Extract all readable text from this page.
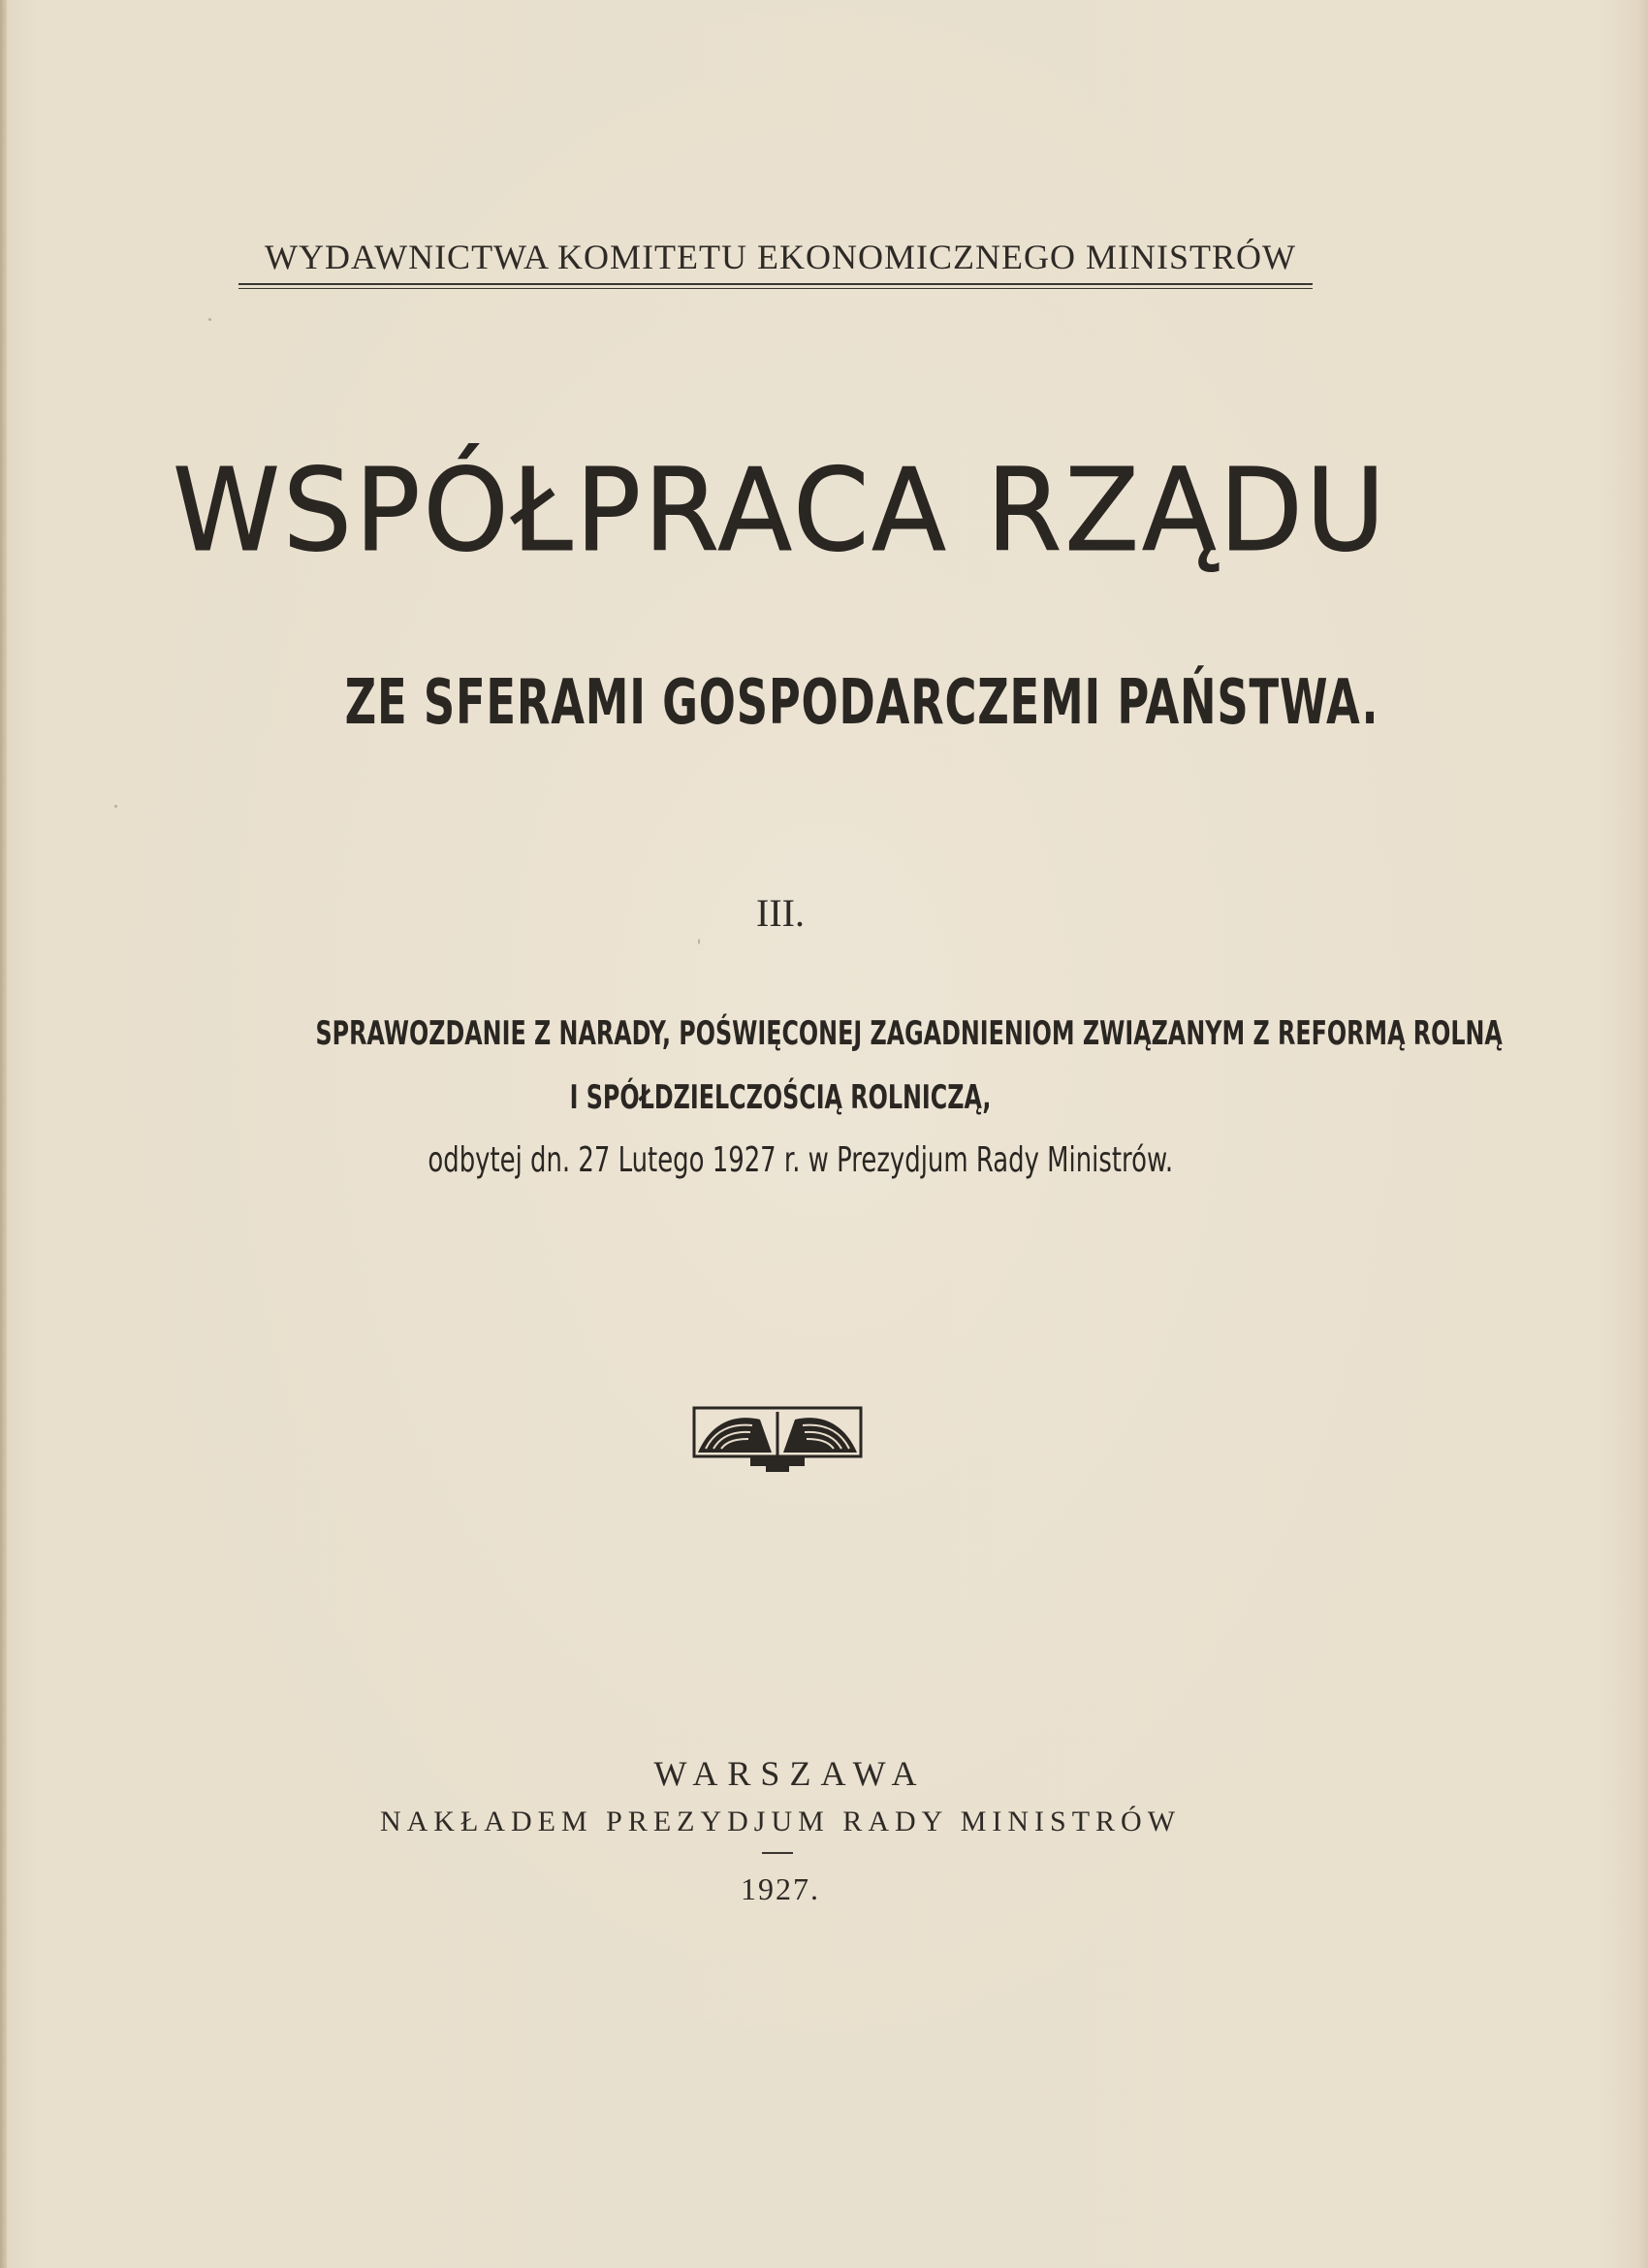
WYDAWNICTWA KOMITETU EKONOMICZNEGO MINISTRÓW
WSPÓŁPRACA RZĄDU
ZE SFERAMI GOSPODARCZEMI PAŃSTWA.
III.
SPRAWOZDANIE Z NARADY, POŚWIĘCONEJ ZAGADNIENIOM ZWIĄZANYM Z REFORMĄ ROLNĄ
I SPÓŁDZIELCZOŚCIĄ ROLNICZĄ,
odbytej dn. 27 Lutego 1927 r. w Prezydjum Rady Ministrów.
WARSZAWA
NAKŁADEM PREZYDJUM RADY MINISTRÓW
1927.
